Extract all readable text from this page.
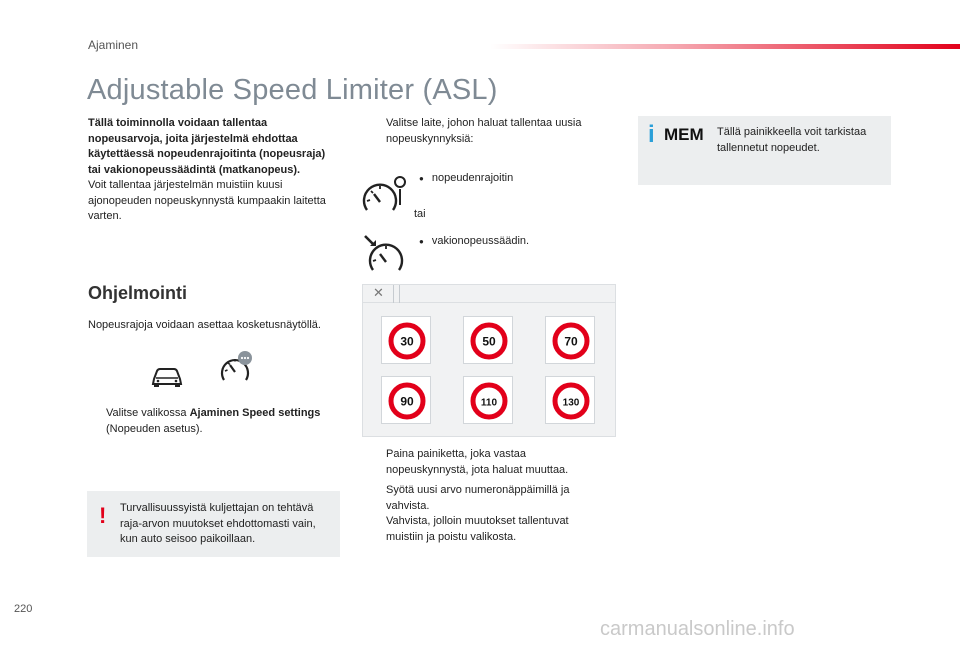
Ajaminen
Adjustable Speed Limiter (ASL)
Tällä toiminnolla voidaan tallentaa nopeusarvoja, joita järjestelmä ehdottaa käytettäessä nopeudenrajoitinta (nopeusraja) tai vakionopeussäädintä (matkanopeus).
Voit tallentaa järjestelmän muistiin kuusi ajonopeuden nopeuskynnystä kumpaakin laitetta varten.
Ohjelmointi
Nopeusrajoja voidaan asettaa kosketusnäytöllä.
Valitse valikossa Ajaminen Speed settings (Nopeuden asetus).
! Turvallisuussyistä kuljettajan on tehtävä raja-arvon muutokset ehdottomasti vain, kun auto seisoo paikoillaan.
Valitse laite, johon haluat tallentaa uusia nopeuskynnyksiä:
● nopeudenrajoitin
tai
● vakionopeussäädin.
✕
30	50	70
90	110	130
Paina painiketta, joka vastaa nopeuskynnystä, jota haluat muuttaa.
Syötä uusi arvo numeronäppäimillä ja vahvista.
Vahvista, jolloin muutokset tallentuvat muistiin ja poistu valikosta.
i MEM Tällä painikkeella voit tarkistaa tallennetut nopeudet.
220
carmanualsonline.info
